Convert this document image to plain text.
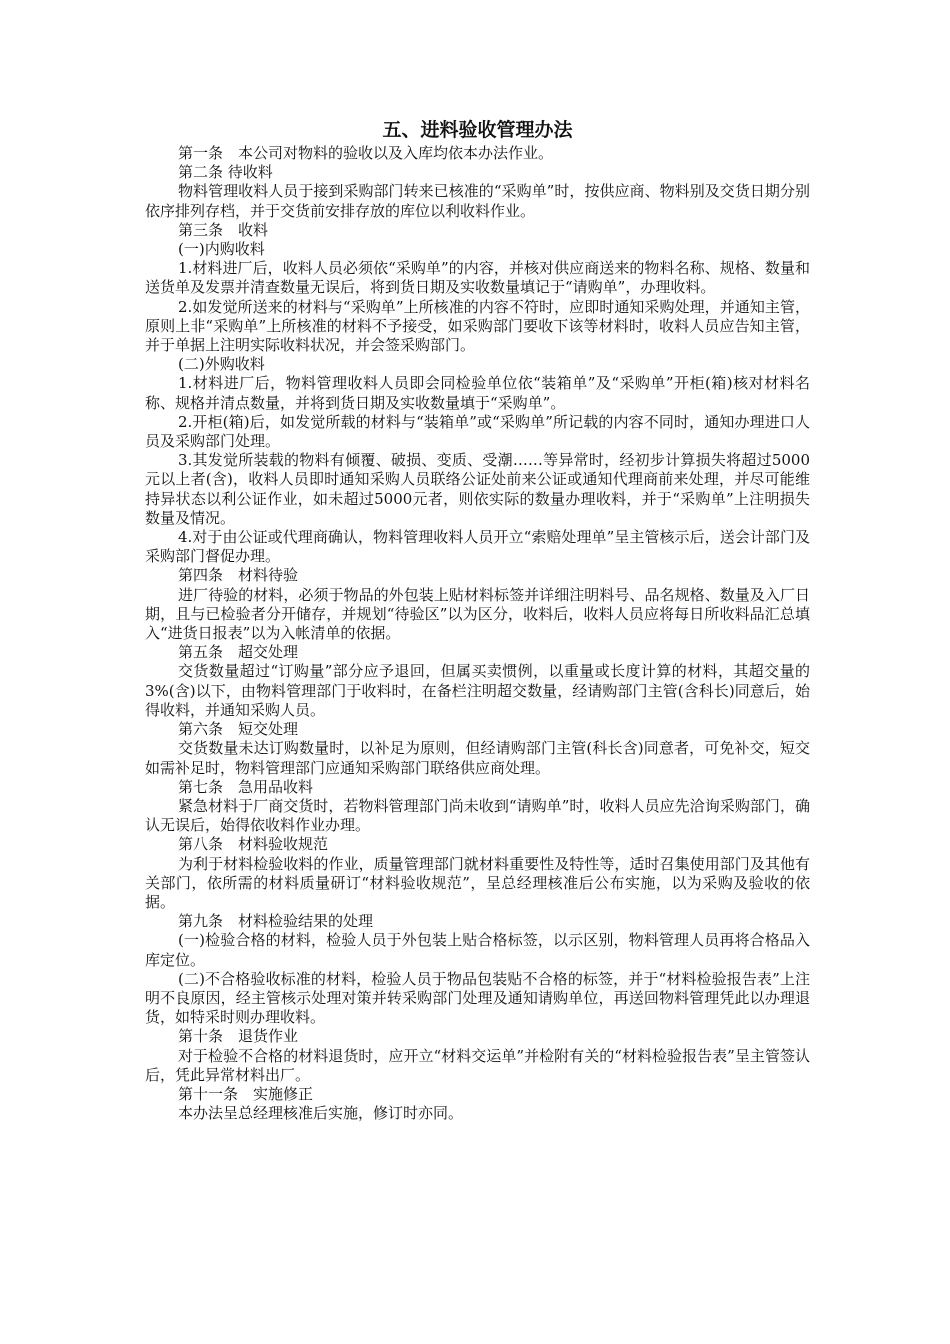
五、进料验收管理办法

第一条　本公司对物料的验收以及入库均依本办法作业。

第二条 待收料

物料管理收料人员于接到采购部门转来已核准的“采购单”时，按供应商、物料别及交货日期分别依序排列存档，并于交货前安排存放的库位以利收料作业。

第三条　收料

(一)内购收料

1.材料进厂后，收料人员必须依“采购单”的内容，并核对供应商送来的物料名称、规格、数量和送货单及发票并清查数量无误后，将到货日期及实收数量填记于“请购单”，办理收料。

2.如发觉所送来的材料与“采购单”上所核准的内容不符时，应即时通知采购处理，并通知主管，原则上非“采购单”上所核准的材料不予接受，如采购部门要收下该等材料时，收料人员应告知主管，并于单据上注明实际收料状况，并会签采购部门。

(二)外购收料

1.材料进厂后，物料管理收料人员即会同检验单位依“装箱单”及“采购单”开柜(箱)核对材料名称、规格并清点数量，并将到货日期及实收数量填于“采购单”。

2.开柜(箱)后，如发觉所载的材料与“装箱单”或“采购单”所记载的内容不同时，通知办理进口人员及采购部门处理。

3.其发觉所装载的物料有倾覆、破损、变质、受潮……等异常时，经初步计算损失将超过5000元以上者(含)，收料人员即时通知采购人员联络公证处前来公证或通知代理商前来处理，并尽可能维持异状态以利公证作业，如未超过5000元者，则依实际的数量办理收料，并于“采购单”上注明损失数量及情况。

4.对于由公证或代理商确认，物料管理收料人员开立“索赔处理单”呈主管核示后，送会计部门及采购部门督促办理。

第四条　材料待验

进厂待验的材料，必须于物品的外包装上贴材料标签并详细注明料号、品名规格、数量及入厂日期，且与已检验者分开储存，并规划“待验区”以为区分，收料后，收料人员应将每日所收料品汇总填入“进货日报表”以为入帐清单的依据。

第五条　超交处理

交货数量超过“订购量”部分应予退回，但属买卖惯例，以重量或长度计算的材料，其超交量的3%(含)以下，由物料管理部门于收料时，在备栏注明超交数量，经请购部门主管(含科长)同意后，始得收料，并通知采购人员。

第六条　短交处理

交货数量未达订购数量时，以补足为原则，但经请购部门主管(科长含)同意者，可免补交，短交如需补足时，物料管理部门应通知采购部门联络供应商处理。

第七条　急用品收料

紧急材料于厂商交货时，若物料管理部门尚未收到“请购单”时，收料人员应先洽询采购部门，确认无误后，始得依收料作业办理。

第八条　材料验收规范

为利于材料检验收料的作业，质量管理部门就材料重要性及特性等，适时召集使用部门及其他有关部门，依所需的材料质量研订“材料验收规范”，呈总经理核准后公布实施，以为采购及验收的依据。

第九条　材料检验结果的处理

(一)检验合格的材料，检验人员于外包装上贴合格标签，以示区别，物料管理人员再将合格品入库定位。

(二)不合格验收标准的材料，检验人员于物品包装贴不合格的标签，并于“材料检验报告表”上注明不良原因，经主管核示处理对策并转采购部门处理及通知请购单位，再送回物料管理凭此以办理退货，如特采时则办理收料。

第十条　退货作业

对于检验不合格的材料退货时，应开立“材料交运单”并检附有关的“材料检验报告表”呈主管签认后，凭此异常材料出厂。

第十一条　实施修正

本办法呈总经理核准后实施，修订时亦同。
